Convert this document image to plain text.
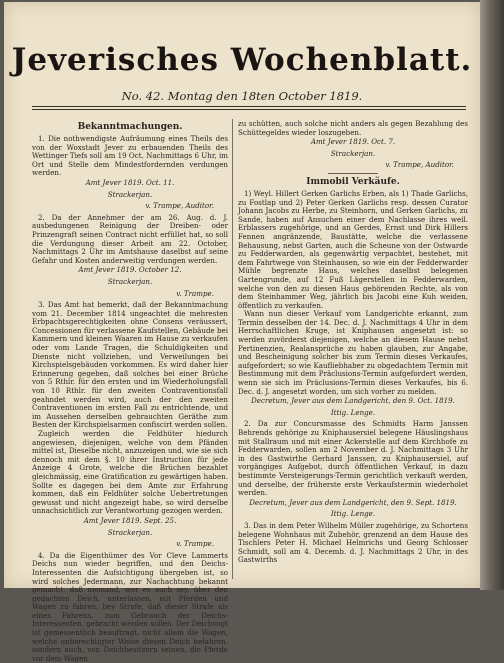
Jeverisches Wochenblatt.
No. 42. Montag den 18ten October 1819.
Bekanntmachungen.

1. Die nothwendigste Aufräumung eines Theils des von der Woxstadt Jever zu erbauenden Theils des Wettinger Tiefs soll am 19 Oct. Nachmittags 6 Uhr, im Ort und Stelle dem Mindestfordernden verdungen werden.

Amt Jever 1819. Oct. 11.
Strackerjan.
v. Trampe, Auditor.

2. Da der Annehmer der am 26. Aug. d. J. ausbedungenen Reinigung der Dreiben- oder Prinzengraft seinen Contract nicht erfüllet hat, so soll die Verdungung dieser Arbeit am 22. October, Nachmittags 2 Uhr im Amtshause daselbst auf seine Gefahr und Kosten anderweitig verdungen werden.

Amt Jever 1819. October 12.
Strackerjan.
v. Trampe.

3. Das Amt hat bemerkt, daß der Bekanntmachung vom 21. December 1814 ungeachtet die mehresten Erbpachtsgerechtigkeiten ohne Consens veräussert, Concessionen für verlassene Kaufstellen, Gebäude bei Kammern und kleinen Waaren im Hause zu verkaufen oder vom Lande Tragen, die Schuldigkeiten und Dienste nicht vollziehen, und Verweilungen bei Kirchspielsgebäuden vorkommen. Es wird daher hier Erinnerung gegeben, daß solches bei einer Brüche von 5 Rthlr. für den ersten und im Wiederholungsfall von 10 Rthlr. für den zweiten Contraventionsfall geahndet werden wird, auch der den zweiten Contraventionen im ersten Fall zu entrichtende, und im Aussehen derselben gebrauchten Geräthe zum Besten der Kirchspielsarmen confiscirt werden sollen.

Zugleich werden die Feldhüter hiedurch angewiesen, diejenigen, welche von dem Pfänden mittel ist, Dieselbe nicht, anzuzeigen und, wie sie sich dennoch mit dem §. 10 ihrer Instruction für jede Anzeige 4 Grote, welche die Brüchen bezahlet gleichmässig, eine Gratification zu gewärtigen haben. Sollte es dagegen bei dem Amte zur Erfahrung kommen, daß ein Feldhüter solche Uebertretungen gewusst und nicht angezeigt habe, so wird derselbe unnachsichtlich zur Verantwortung gezogen werden.

Amt Jever 1819. Sept. 25.
Strackerjan.
v. Trampe.

4. Da die Eigenthümer des Vor Cleve Lammerts Deichs nun wieder begriffen, und den Deichs-Interessenten die Aufsichtigung übergeben ist, so wird solches Jedermann, zur Nachachtung bekannt gemacht, daß niemand, wer es auch sey, über den gedachten Deich, unterlassen, mit Pferden und Wagen zu fahren, bey Strafe, daß dieser Strafe als eines Fahrens, zum Gebrauch der Deichs-Interessenten, gebracht werden sollen. Der Deichvogt ist gemessentlich beauftragt, nicht allein die Wagen, welche unberechtigter Weise diesen Deich befahren, sondern auch, von Deichbesitzern seinen, die Pferde vor dem Wagen

zu schütten, auch solche nicht anders als gegen Bezahlung des Schüttegeldes wieder loszugeben.

Amt Jever 1819. Oct. 7.
Strackerjan.
v. Trampe, Auditor.
Immobil Verkäufe.

1) Weyl. Hillert Gerken Garlichs Erben, als 1) Thade Garlichs, zu Fostlap und 2) Peter Gerken Garlichs resp. dessen Curator Johann Jacobs zu Herbe, zu Steinhorn, und Gerken Garlichs, zu Sande, haben auf Ansuchen einer dem Nachlasse ihres weil. Erblassers zugehörige, und an Gerdes, Ernst und Dirk Hillers Fennen angränzende, Baustätte, welche die verlassene Behausung, nebst Garten, auch die Scheune von der Ostwarde zu Fedderwarden, als gegenwärtig verpachtet, bestehet, mit dem Fahrtwege von Steinhausen, so wie ein der Fedderwarder Mühle begrenzte Haus, welches daselbst belegenen Gartengrunde, auf 12 Fuß Lägerstellen in Fedderwarden, welche von den zu diesen Haus gehörenden Rechte, als von dem Steinhammer Weg, jährlich bis Jacobi eine Kuh weiden, öffentlich zu verkaufen.

Wann nun dieser Verkauf vom Landgerichte erkannt, zum Termin desselben der 14. Dec. d. J. Nachmittags 4 Uhr in dem Herrschaftlichen Kruge, ist Kniphausen angesetzt ist: so werden zuvörderst diejenigen, welche an diesem Hause nebst Pertinenzien, Realansprüche zu haben glauben, zur Angabe, und Bescheinigung solcher bis zum Termin dieses Verkaufes, aufgefordert; so wie Kaufliebhaber zu obgedachtem Termin mit Bestimmung mit dem Präclusions-Termin aufgefordert werden, wenn sie sich im Präclusions-Termin dieses Verkaufes, bis 6. Dec. d. J. angesetzt worden, um sich vorher zu melden.

Decretum, Jever aus dem Landgericht, den 9. Oct. 1819.
Ittig. Lenge.

2. Da zur Concursmasse des Schmidts Harm Janssen Behrends gehörige zu Kniphausersiel belegene Häuslingshaus mit Stallraum und mit einer Ackerstelle auf dem Kirchhofe zu Fedderwarden, sollen am 2 November d. J. Nachmittags 3 Uhr in des Gastwirthe Gerhard Janssen, zu Kniphausersiel, auf vorgängiges Aufgebot, durch öffentlichen Verkauf, in dazu bestimmte Versteigerungs-Termin gerichtlich verkauft werden, und derselbe, der früherste erste Verkaufstermin wiederholet werden.

Decretum, Jever aus dem Landgericht, den 9. Sept. 1819.
Ittig. Lenge.

3. Das in dem Peter Wilhelm Müller zugehörige, zu Schortens belegene Wohnhaus mit Zubehör, grenzend an dem Hause des Tischlers Peter H. Michael Helmrichs und Georg Schlosser Schmidt, soll am 4. Decemb. d. J. Nachmittags 2 Uhr, in des Gastwirths
